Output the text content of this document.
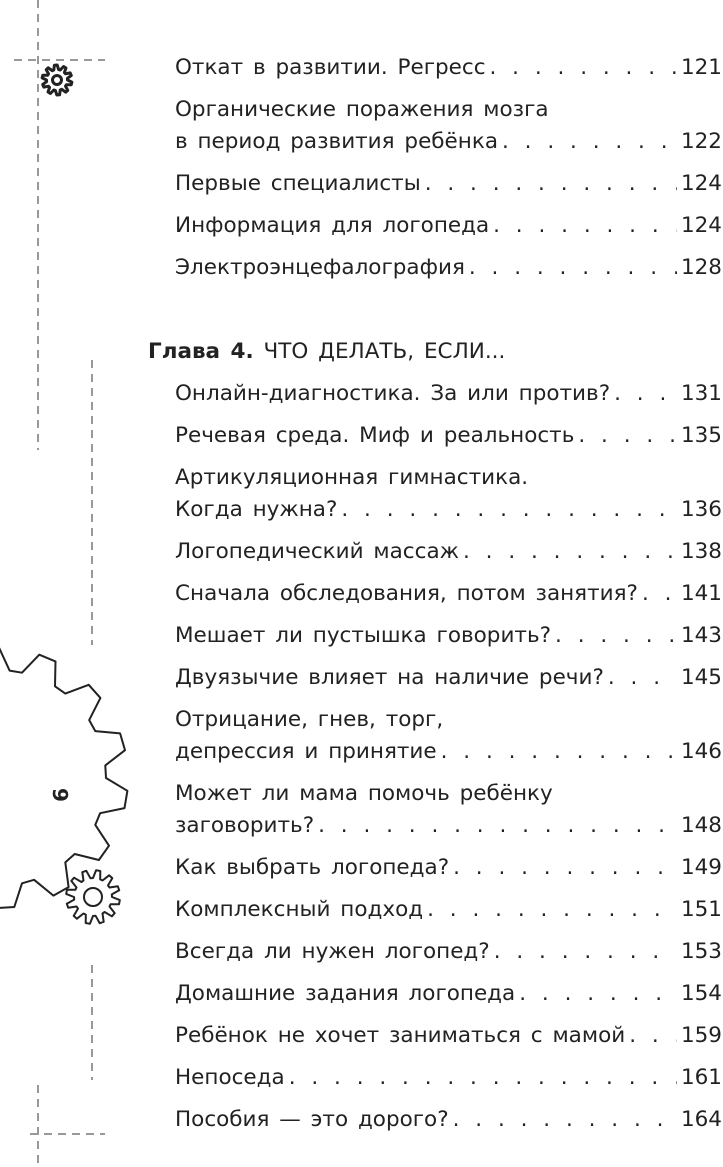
9
Откат в развитии. Регресс . . .	121
Органические поражения мозга
в период развития ребёнка . . .	122
Первые специалисты . . .	124
Информация для логопеда . . .	124
Электроэнцефалография . . .	128
Глава 4. ЧТО ДЕЛАТЬ, ЕСЛИ...
Онлайн-диагностика. За или против? . . .	131
Речевая среда. Миф и реальность . . .	135
Артикуляционная гимнастика.
Когда нужна? . . .	136
Логопедический массаж . . .	138
Сначала обследования, потом занятия? . . . 141
Мешает ли пустышка говорить? . . .	143
Двуязычие влияет на наличие речи? . . .	145
Отрицание, гнев, торг,
депрессия и принятие . . .	146
Может ли мама помочь ребёнку
заговорить? . . .	148
Как выбрать логопеда? . . .	149
Комплексный подход . . .	151
Всегда ли нужен логопед? . . .	153
Домашние задания логопеда . . .	154
Ребёнок не хочет заниматься с мамой . . .	159
Непоседа . . .	161
Пособия — это дорого? . . .	164
